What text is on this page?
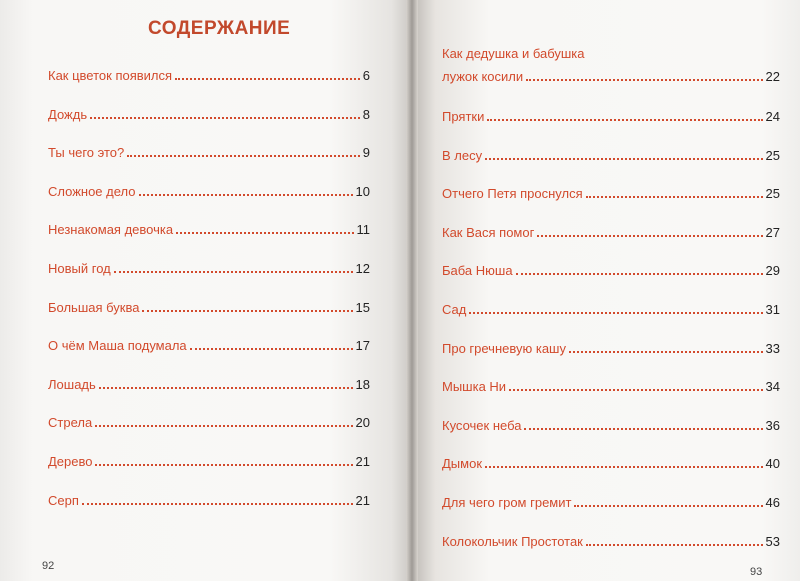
СОДЕРЖАНИЕ
Как цветок появился	6
Дождь	8
Ты чего это?	9
Сложное дело	10
Незнакомая девочка	11
Новый год	12
Большая буква	15
О чём Маша подумала	17
Лошадь	18
Стрела	20
Дерево	21
Серп	21
92
Как дедушка и бабушка
лужок косили	22
Прятки	24
В лесу	25
Отчего Петя проснулся	25
Как Вася помог	27
Баба Нюша	29
Сад	31
Про гречневую кашу	33
Мышка Ни	34
Кусочек неба	36
Дымок	40
Для чего гром гремит	46
Колокольчик Простотак	53
93
